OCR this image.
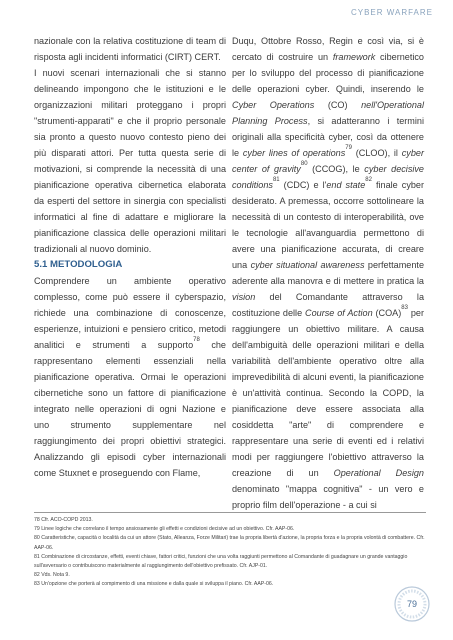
CYBER WARFARE

nazionale con la relativa costituzione di team di risposta agli incidenti informatici (CIRT) CERT.

I nuovi scenari internazionali che si stanno delineando impongono che le istituzioni e le organizzazioni militari proteggano i propri "strumenti-apparati" e che il proprio personale sia pronto a questo nuovo contesto pieno dei più disparati attori. Per tutta questa serie di motivazioni, si comprende la necessità di una pianificazione operativa cibernetica elaborata da esperti del settore in sinergia con specialisti informatici al fine di adattare e migliorare la pianificazione classica delle operazioni militari tradizionali al nuovo dominio.

5.1 METODOLOGIA

Comprendere un ambiente operativo complesso, come può essere il cyberspazio, richiede una combinazione di conoscenze, esperienze, intuizioni e pensiero critico, metodi analitici e strumenti a supporto$^{78}$ che rappresentano elementi essenziali nella pianificazione operativa. Ormai le operazioni cibernetiche sono un fattore di pianificazione integrato nelle operazioni di ogni Nazione e uno strumento supplementare nel raggiungimento dei propri obiettivi strategici. Analizzando gli episodi cyber internazionali come Stuxnet e proseguendo con Flame,

Duqu, Ottobre Rosso, Regin e così via, si è cercato di costruire un framework cibernetico per lo sviluppo del processo di pianificazione delle operazioni cyber. Quindi, inserendo le Cyber Operations (CO) nell'Operational Planning Process, si adatteranno i termini originali alla specificità cyber, così da ottenere le cyber lines of operations$^{79}$ (CLOO), il cyber center of gravity$^{80}$ (CCOG), le cyber decisive conditions$^{81}$ (CDC) e l'end state$^{82}$ finale cyber desiderato. A premessa, occorre sottolineare la necessità di un contesto di interoperabilità, ove le tecnologie all'avanguardia permettono di avere una pianificazione accurata, di creare una cyber situational awareness perfettamente aderente alla manovra e di mettere in pratica la vision del Comandante attraverso la costituzione delle Course of Action (COA)$^{83}$ per raggiungere un obiettivo militare. A causa dell'ambiguità delle operazioni militari e della variabilità dell'ambiente operativo oltre alla imprevedibilità di alcuni eventi, la pianificazione è un'attività continua. Secondo la COPD, la pianificazione deve essere associata alla cosiddetta "arte" di comprendere e rappresentare una serie di eventi ed i relativi modi per raggiungere l'obiettivo attraverso la creazione di un Operational Design denominato "mappa cognitiva" - un vero e proprio film dell'operazione - a cui si

78 Cfr. ACO-COPD 2013.

79 Linee logiche che correlano il tempo ansiosamente gli effetti e condizioni decisive ad un obiettivo. Cfr. AAP-06.

80 Caratteristiche, capacità o località da cui un attore (Stato, Alleanza, Forze Militari) trae la propria libertà d'azione, la propria forza e la propria volontà di combattere. Cfr. AAP-06.

81 Combinazione di circostanze, effetti, eventi chiave, fattori critici, funzioni che una volta raggiunti permettono al Comandante di guadagnare un grande vantaggio sull'avversario o contribuiscono materialmente al raggiungimento dell'obiettivo prefissato. Cfr. AJP-01.

82 Vds. Nota 9.

83 Un'opzione che porterà al compimento di una missione e dalla quale si sviluppa il piano. Cfr. AAP-06.

79
